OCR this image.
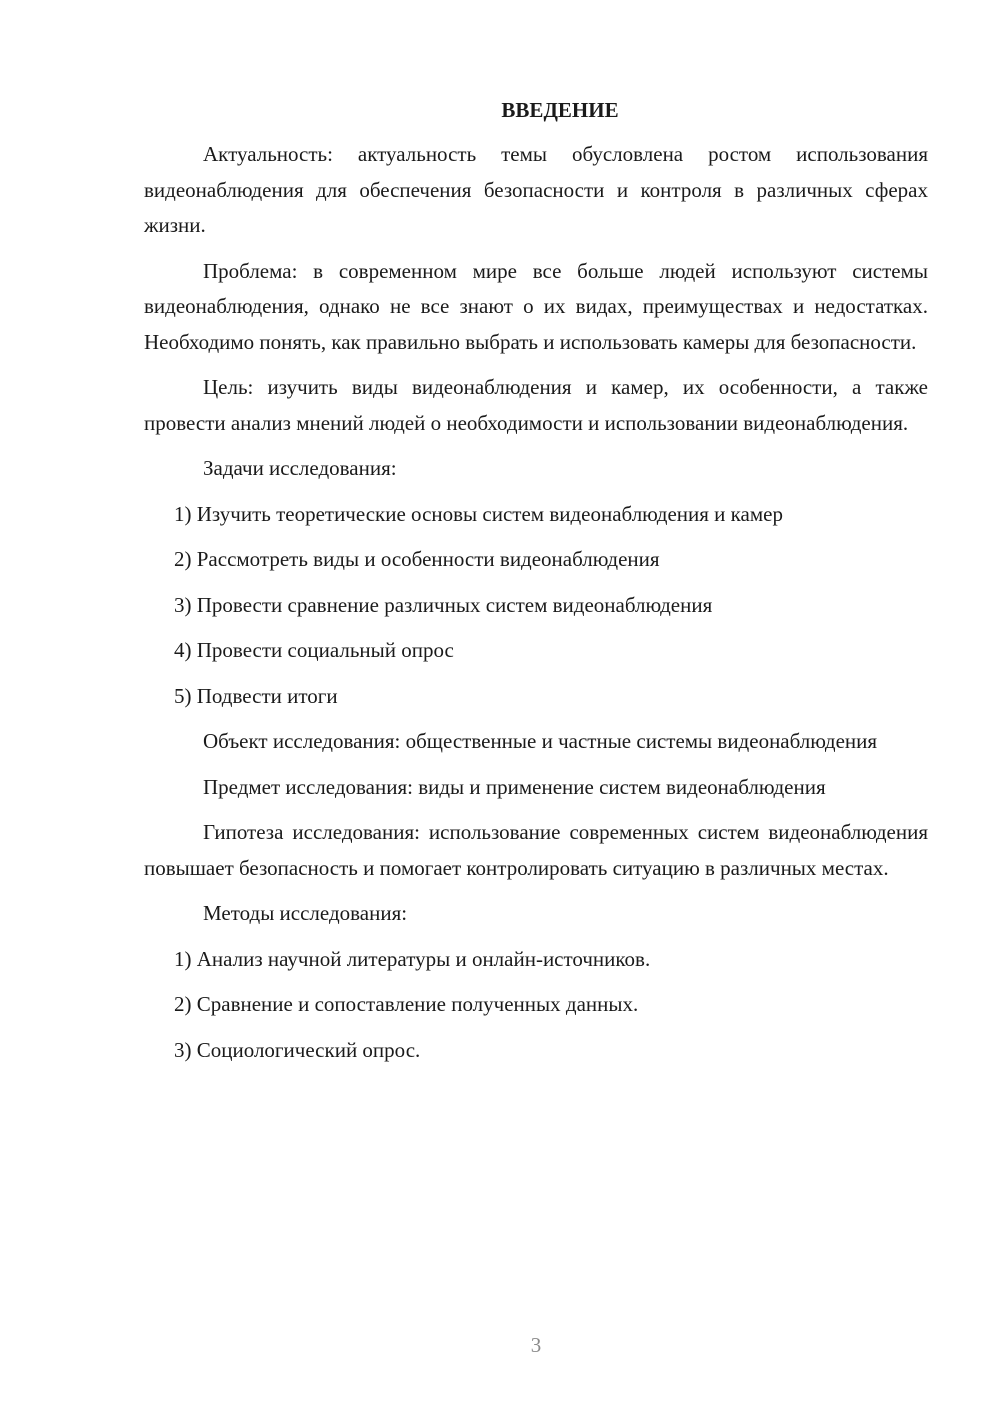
ВВЕДЕНИЕ

Актуальность: актуальность темы обусловлена ростом использования видеонаблюдения для обеспечения безопасности и контроля в различных сферах жизни.

Проблема: в современном мире все больше людей используют системы видеонаблюдения, однако не все знают о их видах, преимуществах и недостатках. Необходимо понять, как правильно выбрать и использовать камеры для безопасности.

Цель: изучить виды видеонаблюдения и камер, их особенности, а также провести анализ мнений людей о необходимости и использовании видеонаблюдения.

Задачи исследования:

1) Изучить теоретические основы систем видеонаблюдения и камер
2) Рассмотреть виды и особенности видеонаблюдения
3) Провести сравнение различных систем видеонаблюдения
4) Провести социальный опрос
5) Подвести итоги

Объект исследования: общественные и частные системы видеонаблюдения

Предмет исследования: виды и применение систем видеонаблюдения

Гипотеза исследования: использование современных систем видеонаблюдения повышает безопасность и помогает контролировать ситуацию в различных местах.

Методы исследования:

1) Анализ научной литературы и онлайн-источников.
2) Сравнение и сопоставление полученных данных.
3) Социологический опрос.
3
